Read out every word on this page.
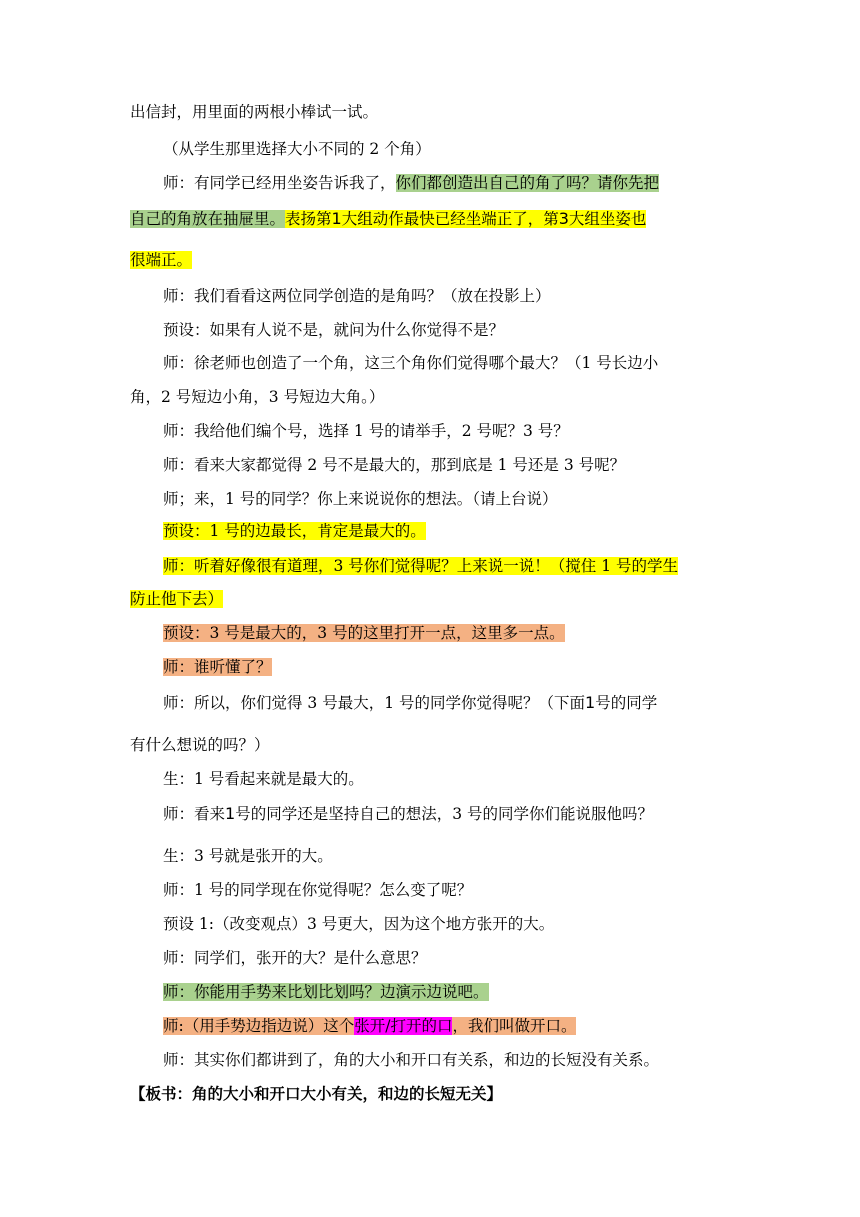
出信封，用里面的两根小棒试一试。
（从学生那里选择大小不同的 2 个角）
师：有同学已经用坐姿告诉我了，你们都创造出自己的角了吗？请你先把
自己的角放在抽屉里。表扬第1大组动作最快已经坐端正了，第3大组坐姿也
很端正。
师：我们看看这两位同学创造的是角吗？（放在投影上）
预设：如果有人说不是，就问为什么你觉得不是？
师：徐老师也创造了一个角，这三个角你们觉得哪个最大？（1 号长边小
角，2 号短边小角，3 号短边大角。）
师：我给他们编个号，选择 1 号的请举手，2 号呢？3 号？
师：看来大家都觉得 2 号不是最大的，那到底是 1 号还是 3 号呢？
师；来，1 号的同学？你上来说说你的想法。（请上台说）
预设：1 号的边最长，肯定是最大的。
师：听着好像很有道理，3 号你们觉得呢？上来说一说！（搅住 1 号的学生
防止他下去）
预设：3 号是最大的，3 号的这里打开一点，这里多一点。
师：谁听懂了？
师：所以，你们觉得 3 号最大，1 号的同学你觉得呢？（下面1号的同学
有什么想说的吗？）
生：1 号看起来就是最大的。
师：看来1号的同学还是坚持自己的想法，3 号的同学你们能说服他吗？
生：3 号就是张开的大。
师：1 号的同学现在你觉得呢？怎么变了呢？
预设 1:（改变观点）3 号更大，因为这个地方张开的大。
师：同学们，张开的大？是什么意思？
师：你能用手势来比划比划吗？边演示边说吧。
师:（用手势边指边说）这个张开/打开的口，我们叫做开口。
师：其实你们都讲到了，角的大小和开口有关系，和边的长短没有关系。
【板书：角的大小和开口大小有关，和边的长短无关】
